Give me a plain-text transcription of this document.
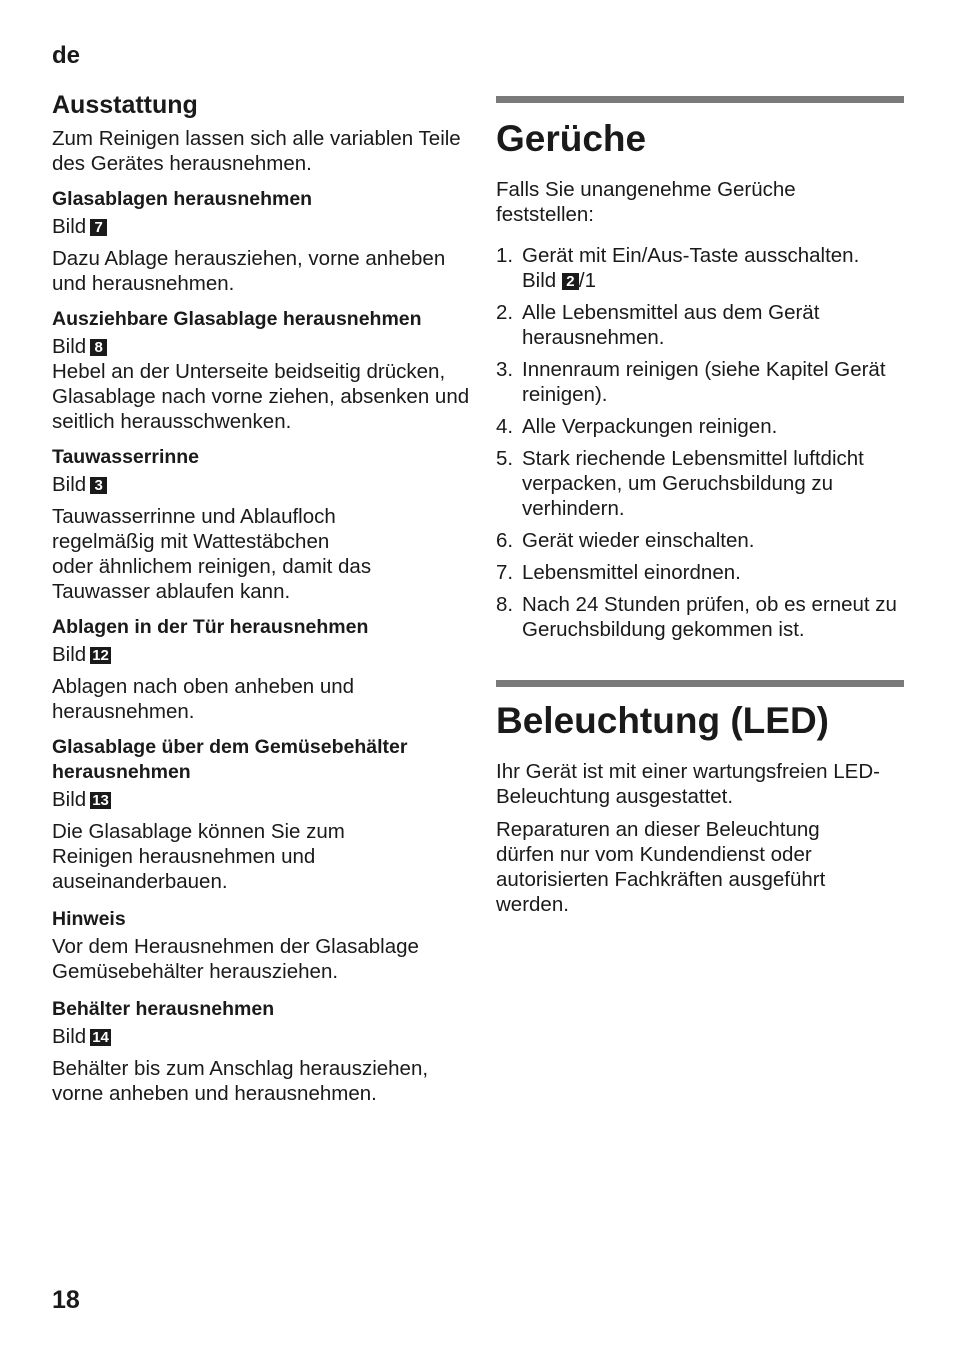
de
Ausstattung

Zum Reinigen lassen sich alle variablen Teile des Gerätes herausnehmen.

Glasablagen herausnehmen
Bild 7

Dazu Ablage herausziehen, vorne anheben und herausnehmen.

Ausziehbare Glasablage herausnehmen
Bild 8

Hebel an der Unterseite beidseitig drücken, Glasablage nach vorne ziehen, absenken und seitlich herausschwenken.

Tauwasserrinne
Bild 3

Tauwasserrinne und Ablaufloch regelmäßig mit Wattestäbchen oder ähnlichem reinigen, damit das Tauwasser ablaufen kann.

Ablagen in der Tür herausnehmen
Bild 12

Ablagen nach oben anheben und herausnehmen.

Glasablage über dem Gemüsebehälter herausnehmen
Bild 13

Die Glasablage können Sie zum Reinigen herausnehmen und auseinanderbauen.

Hinweis

Vor dem Herausnehmen der Glasablage Gemüsebehälter herausziehen.

Behälter herausnehmen
Bild 14

Behälter bis zum Anschlag herausziehen, vorne anheben und herausnehmen.

Gerüche

Falls Sie unangenehme Gerüche feststellen:

1. Gerät mit Ein/Aus-Taste ausschalten.
Bild 2 /1
2. Alle Lebensmittel aus dem Gerät herausnehmen.
3. Innenraum reinigen (siehe Kapitel Gerät reinigen).
4. Alle Verpackungen reinigen.
5. Stark riechende Lebensmittel luftdicht verpacken, um Geruchsbildung zu verhindern.
6. Gerät wieder einschalten.
7. Lebensmittel einordnen.
8. Nach 24 Stunden prüfen, ob es erneut zu Geruchsbildung gekommen ist.
Beleuchtung (LED)

Ihr Gerät ist mit einer wartungsfreien LED-Beleuchtung ausgestattet.

Reparaturen an dieser Beleuchtung dürfen nur vom Kundendienst oder autorisierten Fachkräften ausgeführt werden.

18
